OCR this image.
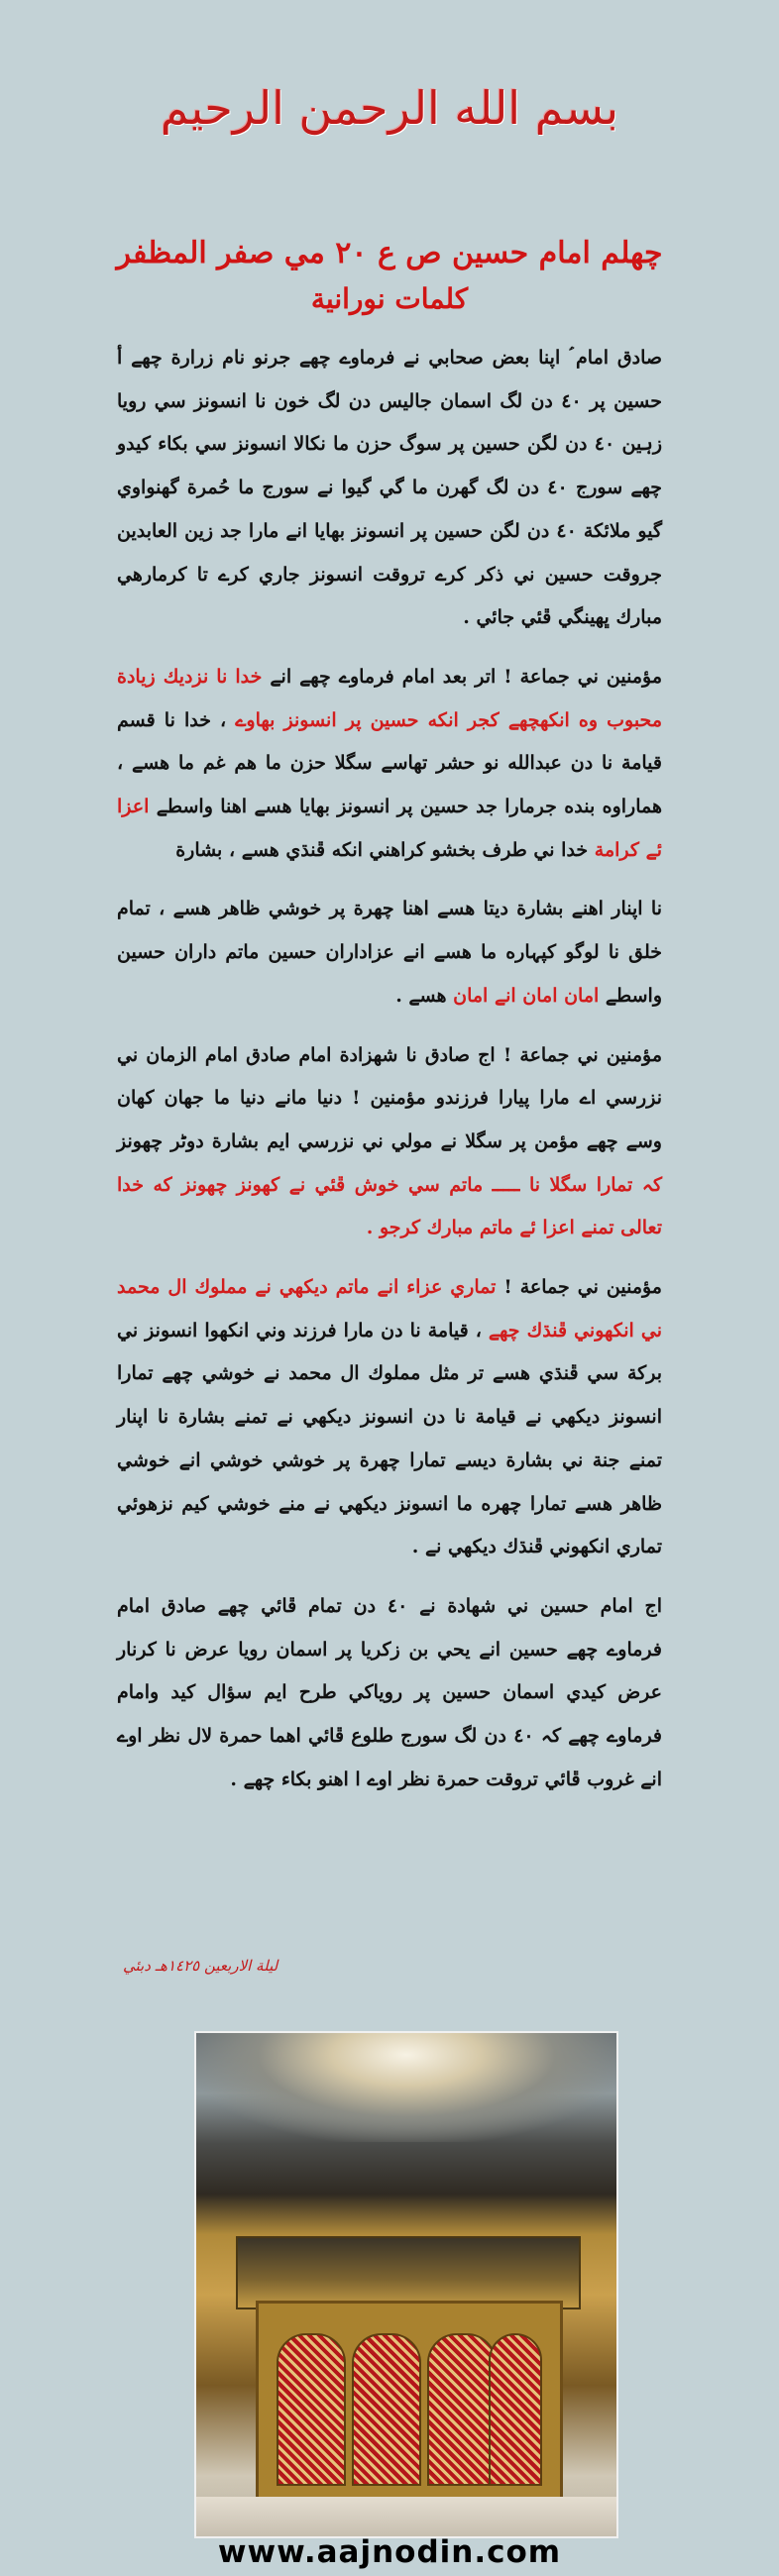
بسم الله الرحمن الرحيم
چهلم امام حسين ص ع ٢٠ مي صفر المظفر
كلمات نورانية

صادق امام ؑ اپنا بعض صحابي نے فرماوے چھے جرنو نام زرارة چھے أ حسين پر ٤٠ دن لگ اسمان جاليس دن لگ خون نا انسونز سي رويا زہين ٤٠ دن لگن حسين پر سوگ حزن ما نكالا انسونز سي بكاء كيدو چھے سورج ٤٠ دن لگ گهرن ما گي گيوا نے سورج ما حُمرة گهنواوي گيو ملائكة ٤٠ دن لگن حسين پر انسونز بهايا انے مارا جد زين العابدين جروقت حسين ني ذكر كرے تروقت انسونز جاري كرے تا كرمارهي مبارك ڀهينگي ڦئي جائي .

مؤمنين ني جماعة ! اتر بعد امام فرماوے چھے انے خدا نا نزديك زيادة محبوب وه انكهچھے كجر انكه حسين پر انسونز بهاوے ، خدا نا قسم قيامة نا دن عبدالله نو حشر تهاسے سگلا حزن ما هم غم ما هسے ، هماراوه بنده جرمارا جد حسين پر انسونز بهايا هسے اهنا واسطے اعزا ئے كرامة خدا ني طرف بخشو كراهني انكه ڦنڌي هسے ، بشارة

نا اپنار اهنے بشارة ديتا هسے اهنا چهرة پر خوشي ظاهر هسے ، تمام خلق نا لوگو كپہاره ما هسے انے عزاداران حسين ماتم داران حسين واسطے امان امان انے امان هسے .

مؤمنين ني جماعة ! اج صادق نا شهزادة امام صادق امام الزمان ني نزرسي اے مارا پيارا فرزندو مؤمنين ! دنيا مانے دنيا ما جهان كهان وسے چھے مؤمن پر سگلا نے مولي ني نزرسي ايم بشارة دوڻر چھونز كہ تمارا سگلا نا ـــــ ماتم سي خوش ڦئي نے كهونز چھونز كه خدا تعالى تمنے اعزا ئے ماتم مبارك كرجو .

مؤمنين ني جماعة ! تماري عزاء انے ماتم ديكهي نے مملوك ال محمد ني انكهوني ڦنڌك چھے ، قيامة نا دن مارا فرزند وني انكهوا انسونز ني بركة سي ڦنڌي هسے تر مثل مملوك ال محمد نے خوشي چھے تمارا انسونز ديكهي نے قيامة نا دن انسونز ديكهي نے تمنے بشارة نا اپنار تمنے جنة ني بشارة ديسے تمارا چهرة پر خوشي خوشي انے خوشي ظاهر هسے تمارا چهره ما انسونز ديكهي نے منے خوشي كيم نزهوئي تماري انكهوني ڦنڌك ديكهي نے .

اج امام حسين ني شهادة نے ٤٠ دن تمام ڦائي چھے صادق امام فرماوے چھے حسين انے يحي بن زكريا پر اسمان رويا عرض نا كرنار عرض كيدي اسمان حسين پر روياكي طرح ايم سؤال كيد وامام فرماوے چھے كہ ٤٠ دن لگ سورج طلوع ڦائي اهما حمرة لال نظر اوے انے غروب ڦائي تروقت حمرة نظر اوے ا اهنو بكاء چھے .

ليلة الاربعين ١٤٢٥هـ دبئي
www.aajnodin.com
